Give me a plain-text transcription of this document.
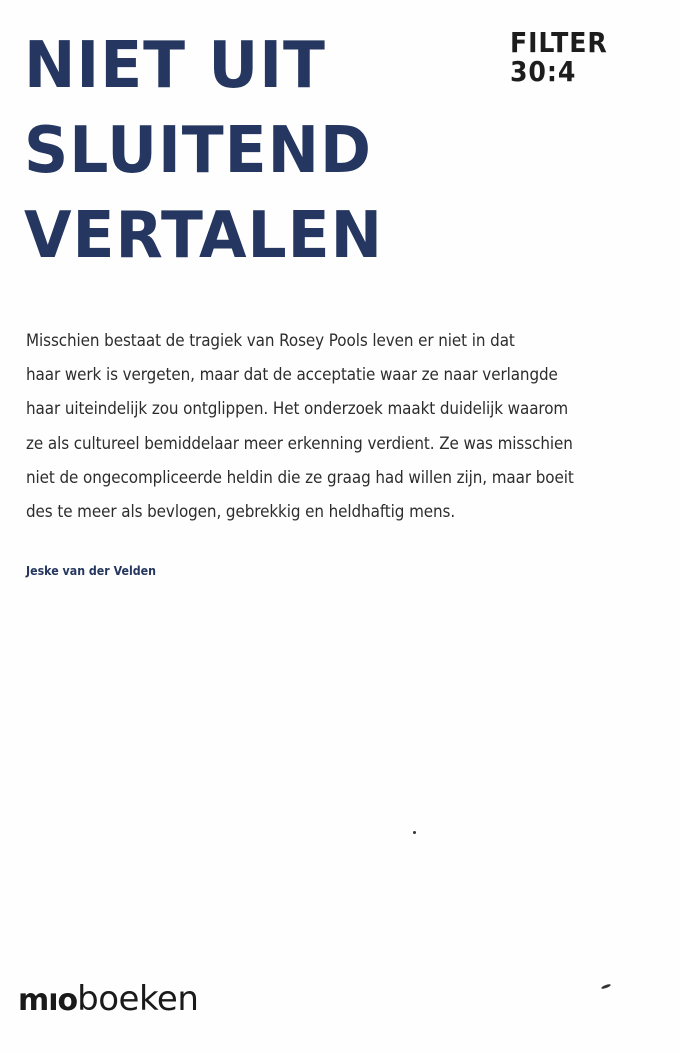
NIET UIT
SLUITEND
VERTALEN
FILTER
30:4
Misschien bestaat de tragiek van Rosey Pools leven er niet in dat
haar werk is vergeten, maar dat de acceptatie waar ze naar verlangde
haar uiteindelijk zou ontglippen. Het onderzoek maakt duidelijk waarom
ze als cultureel bemiddelaar meer erkenning verdient. Ze was misschien
niet de ongecompliceerde heldin die ze graag had willen zijn, maar boeit
des te meer als bevlogen, gebrekkig en heldhaftig mens.
Jeske van der Velden
mıoboeken
